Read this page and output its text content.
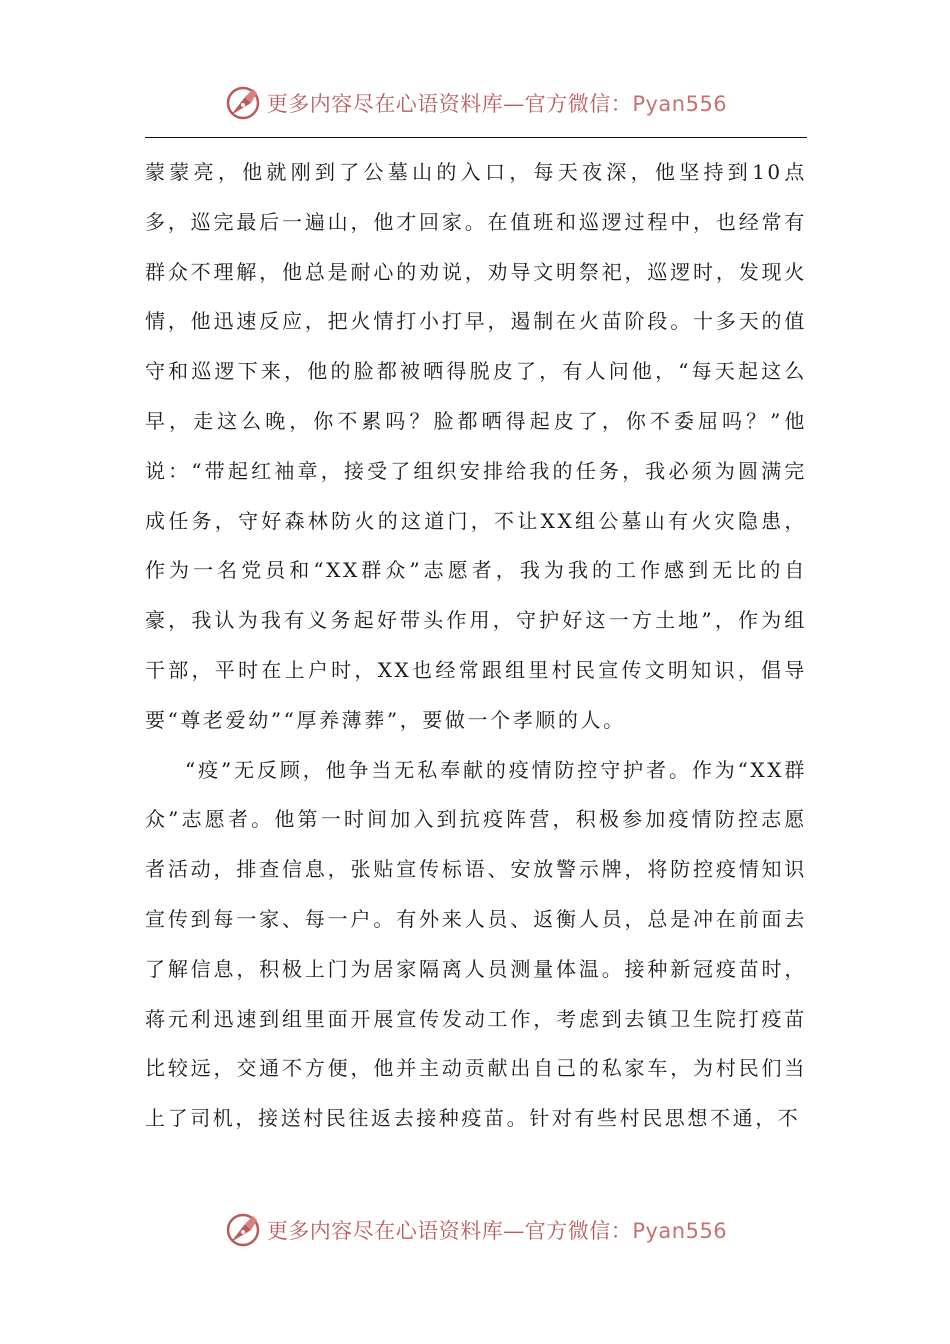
更多内容尽在心语资料库—官方微信：Pyan556

蒙蒙亮，他就刚到了公墓山的入口，每天夜深，他坚持到10点多，巡完最后一遍山，他才回家。在值班和巡逻过程中，也经常有群众不理解，他总是耐心的劝说，劝导文明祭祀，巡逻时，发现火情，他迅速反应，把火情打小打早，遏制在火苗阶段。十多天的值守和巡逻下来，他的脸都被晒得脱皮了，有人问他，“每天起这么早，走这么晚，你不累吗？脸都晒得起皮了，你不委屈吗？”他说：“带起红袖章，接受了组织安排给我的任务，我必须为圆满完成任务，守好森林防火的这道门，不让XX组公墓山有火灾隐患，作为一名党员和“XX群众”志愿者，我为我的工作感到无比的自豪，我认为我有义务起好带头作用，守护好这一方土地”，作为组干部，平时在上户时，XX也经常跟组里村民宣传文明知识，倡导要“尊老爱幼”“厚养薄葬”，要做一个孝顺的人。

“疫”无反顾，他争当无私奉献的疫情防控守护者。作为“XX群众”志愿者。他第一时间加入到抗疫阵营，积极参加疫情防控志愿者活动，排查信息，张贴宣传标语、安放警示牌，将防控疫情知识宣传到每一家、每一户。有外来人员、返衡人员，总是冲在前面去了解信息，积极上门为居家隔离人员测量体温。接种新冠疫苗时，蒋元利迅速到组里面开展宣传发动工作，考虑到去镇卫生院打疫苗比较远，交通不方便，他并主动贡献出自己的私家车，为村民们当上了司机，接送村民往返去接种疫苗。针对有些村民思想不通，不

更多内容尽在心语资料库—官方微信：Pyan556
